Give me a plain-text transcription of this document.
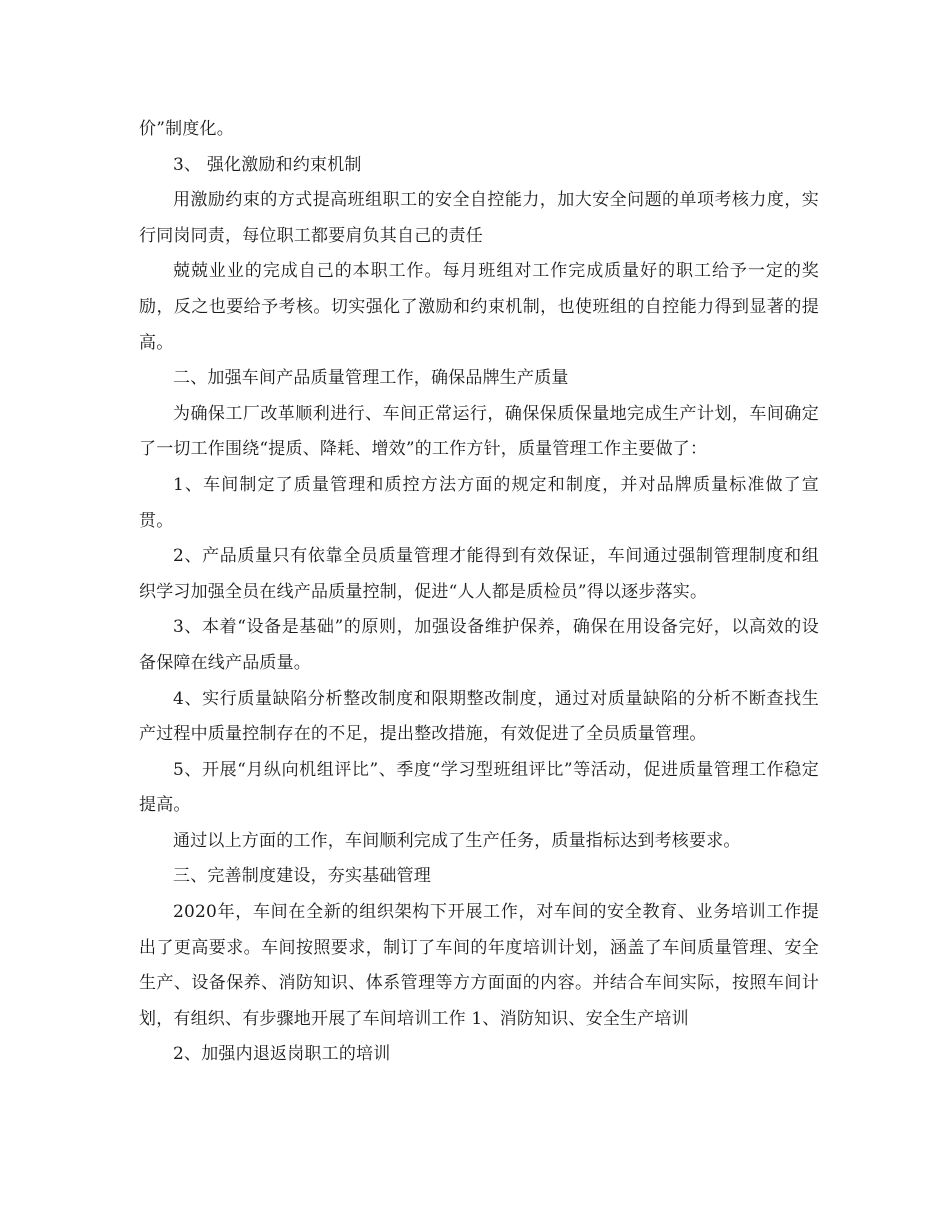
价”制度化。

3、 强化激励和约束机制

用激励约束的方式提高班组职工的安全自控能力，加大安全问题的单项考核力度，实行同岗同责，每位职工都要肩负其自己的责任

兢兢业业的完成自己的本职工作。每月班组对工作完成质量好的职工给予一定的奖励，反之也要给予考核。切实强化了激励和约束机制，也使班组的自控能力得到显著的提高。

二、加强车间产品质量管理工作，确保品牌生产质量

为确保工厂改革顺利进行、车间正常运行，确保保质保量地完成生产计划，车间确定了一切工作围绕“提质、降耗、增效”的工作方针，质量管理工作主要做了：

1、车间制定了质量管理和质控方法方面的规定和制度，并对品牌质量标准做了宣贯。

2、产品质量只有依靠全员质量管理才能得到有效保证，车间通过强制管理制度和组织学习加强全员在线产品质量控制，促进“人人都是质检员”得以逐步落实。

3、本着“设备是基础”的原则，加强设备维护保养，确保在用设备完好，以高效的设备保障在线产品质量。

4、实行质量缺陷分析整改制度和限期整改制度，通过对质量缺陷的分析不断查找生产过程中质量控制存在的不足，提出整改措施，有效促进了全员质量管理。

5、开展“月纵向机组评比”、季度“学习型班组评比”等活动，促进质量管理工作稳定提高。

通过以上方面的工作，车间顺利完成了生产任务，质量指标达到考核要求。

三、完善制度建设，夯实基础管理

2020年，车间在全新的组织架构下开展工作，对车间的安全教育、业务培训工作提出了更高要求。车间按照要求，制订了车间的年度培训计划，涵盖了车间质量管理、安全生产、设备保养、消防知识、体系管理等方方面面的内容。并结合车间实际，按照车间计划，有组织、有步骤地开展了车间培训工作 1、消防知识、安全生产培训

2、加强内退返岗职工的培训
